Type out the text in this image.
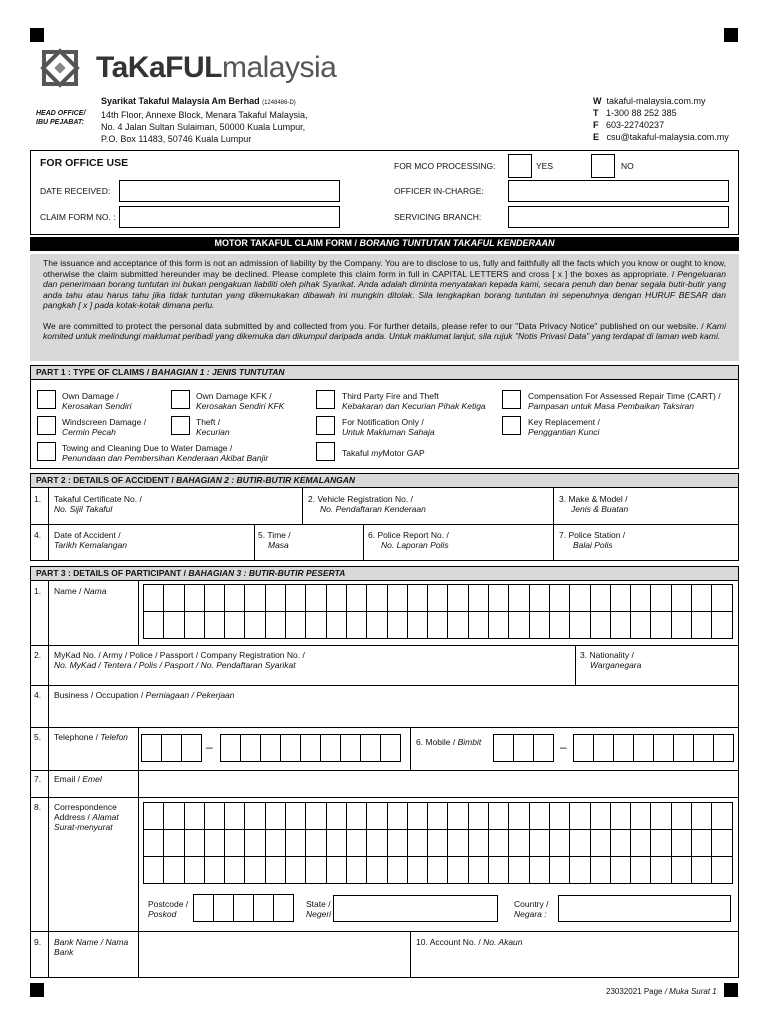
TaKaFULmalaysia
HEAD OFFICE/
IBU PEJABAT:
Syarikat Takaful Malaysia Am Berhad (1248486-D)
14th Floor, Annexe Block, Menara Takaful Malaysia,
No. 4 Jalan Sultan Sulaiman, 50000 Kuala Lumpur,
P.O. Box 11483, 50746 Kuala Lumpur
W takaful-malaysia.com.my
T 1-300 88 252 385
F 603-22740237
E csu@takaful-malaysia.com.my
FOR OFFICE USE
DATE RECEIVED:
CLAIM FORM NO. :
FOR MCO PROCESSING:	YES	NO
OFFICER IN-CHARGE:
SERVICING BRANCH:
MOTOR TAKAFUL CLAIM FORM / BORANG TUNTUTAN TAKAFUL KENDERAAN

The issuance and acceptance of this form is not an admission of liability by the Company. You are to disclose to us, fully and faithfully all the facts which you know or ought to know, otherwise the claim submitted hereunder may be declined. Please complete this claim form in full in CAPITAL LETTERS and cross [ x ] the boxes as appropriate. / Pengeluaran dan penerimaan borang tuntutan ini bukan pengakuan liabiliti oleh pihak Syarikat. Anda adalah diminta menyatakan kepada kami, secara penuh dan benar segala butir-butir yang anda tahu atau harus tahu jika tidak tuntutan yang dikemukakan dibawah ini mungkin ditolak. Sila lengkapkan borang tuntutan ini sepenuhnya dengan HURUF BESAR dan pangkah [ x ] pada kotak-kotak dimana perlu.

We are committed to protect the personal data submitted by and collected from you. For further details, please refer to our "Data Privacy Notice" published on our website. / Kami komited untuk melindungi maklumat peribadi yang dikemuka dan dikumpul daripada anda. Untuk maklumat lanjut, sila rujuk "Notis Privasi Data" yang terdapat di laman web kami.

PART 1 : TYPE OF CLAIMS / BAHAGIAN 1 : JENIS TUNTUTAN
Own Damage /
Kerosakan Sendiri
Windscreen Damage /
Cermin Pecah
Towing and Cleaning Due to Water Damage /
Penundaan dan Pembersihan Kenderaan Akibat Banjir
Own Damage KFK /
Kerosakan Sendiri KFK
Theft /
Kecurian
Third Party Fire and Theft
Kebakaran dan Kecurian Pihak Ketiga
For Notification Only /
Untuk Makluman Sahaja
Takaful myMotor GAP
Compensation For Assessed Repair Time (CART) /
Pampasan untuk Masa Pembaikan Taksiran
Key Replacement /
Penggantian Kunci
PART 2 : DETAILS OF ACCIDENT / BAHAGIAN 2 : BUTIR-BUTIR KEMALANGAN
1. Takaful Certificate No. /
No. Sijil Takaful
2. Vehicle Registration No. /
No. Pendaftaran Kenderaan
3. Make & Model /
Jenis & Buatan
4. Date of Accident /
Tarikh Kemalangan
5. Time /
Masa
6. Police Report No. /
No. Laporan Polis
7. Police Station /
Balai Polis
PART 3 : DETAILS OF PARTICIPANT / BAHAGIAN 3 : BUTIR-BUTIR PESERTA
1. Name / Nama
2. MyKad No. / Army / Police / Passport / Company Registration No. /
No. MyKad / Tentera / Polis / Pasport / No. Pendaftaran Syarikat
3. Nationality /
Warganegara
4. Business / Occupation / Perniagaan / Pekerjaan
5. Telephone / Telefon
–	6. Mobile / Bimbit	–
7. Email / Emel
8. Correspondence
Address / Alamat
Surat-menyurat
Postcode /
Poskod
State /
Negeri
Country /
Negara :
9. Bank Name / Nama
Bank
10. Account No. / No. Akaun
23032021 Page / Muka Surat 1
